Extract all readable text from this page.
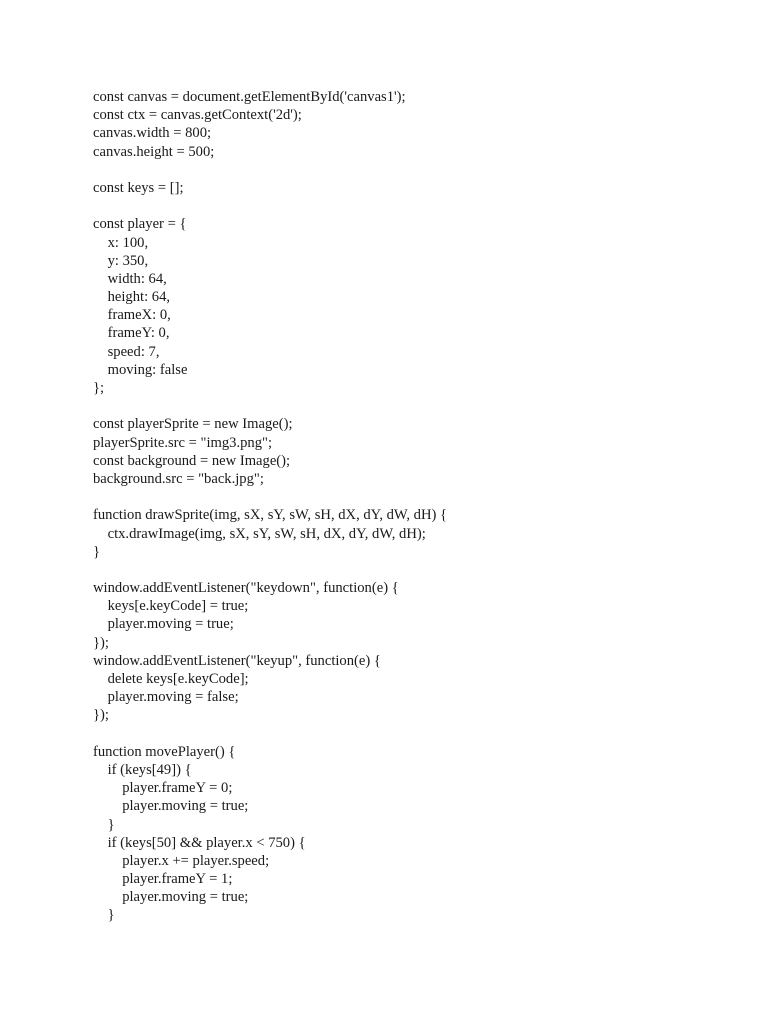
const canvas = document.getElementById('canvas1');
const ctx = canvas.getContext('2d');
canvas.width = 800;
canvas.height = 500;
const keys = [];
const player = {
x: 100,
y: 350,
width: 64,
height: 64,
frameX: 0,
frameY: 0,
speed: 7,
moving: false
};
const playerSprite = new Image();
playerSprite.src = "img3.png";
const background = new Image();
background.src = "back.jpg";
function drawSprite(img, sX, sY, sW, sH, dX, dY, dW, dH) {
ctx.drawImage(img, sX, sY, sW, sH, dX, dY, dW, dH);
}
window.addEventListener("keydown", function(e) {
keys[e.keyCode] = true;
player.moving = true;
});
window.addEventListener("keyup", function(e) {
delete keys[e.keyCode];
player.moving = false;
});
function movePlayer() {
if (keys[49]) {
player.frameY = 0;
player.moving = true;
}
if (keys[50] && player.x < 750) {
player.x += player.speed;
player.frameY = 1;
player.moving = true;
}
